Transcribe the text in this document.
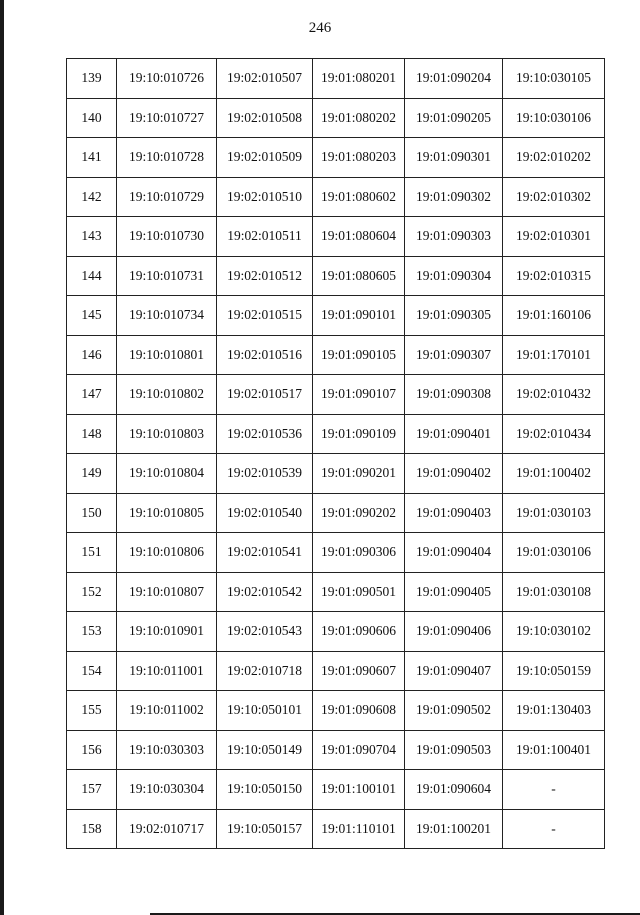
246
139	19:10:010726	19:02:010507	19:01:080201	19:01:090204	19:10:030105
140	19:10:010727	19:02:010508	19:01:080202	19:01:090205	19:10:030106
141	19:10:010728	19:02:010509	19:01:080203	19:01:090301	19:02:010202
142	19:10:010729	19:02:010510	19:01:080602	19:01:090302	19:02:010302
143	19:10:010730	19:02:010511	19:01:080604	19:01:090303	19:02:010301
144	19:10:010731	19:02:010512	19:01:080605	19:01:090304	19:02:010315
145	19:10:010734	19:02:010515	19:01:090101	19:01:090305	19:01:160106
146	19:10:010801	19:02:010516	19:01:090105	19:01:090307	19:01:170101
147	19:10:010802	19:02:010517	19:01:090107	19:01:090308	19:02:010432
148	19:10:010803	19:02:010536	19:01:090109	19:01:090401	19:02:010434
149	19:10:010804	19:02:010539	19:01:090201	19:01:090402	19:01:100402
150	19:10:010805	19:02:010540	19:01:090202	19:01:090403	19:01:030103
151	19:10:010806	19:02:010541	19:01:090306	19:01:090404	19:01:030106
152	19:10:010807	19:02:010542	19:01:090501	19:01:090405	19:01:030108
153	19:10:010901	19:02:010543	19:01:090606	19:01:090406	19:10:030102
154	19:10:011001	19:02:010718	19:01:090607	19:01:090407	19:10:050159
155	19:10:011002	19:10:050101	19:01:090608	19:01:090502	19:01:130403
156	19:10:030303	19:10:050149	19:01:090704	19:01:090503	19:01:100401
157	19:10:030304	19:10:050150	19:01:100101	19:01:090604	-
158	19:02:010717	19:10:050157	19:01:110101	19:01:100201	-
